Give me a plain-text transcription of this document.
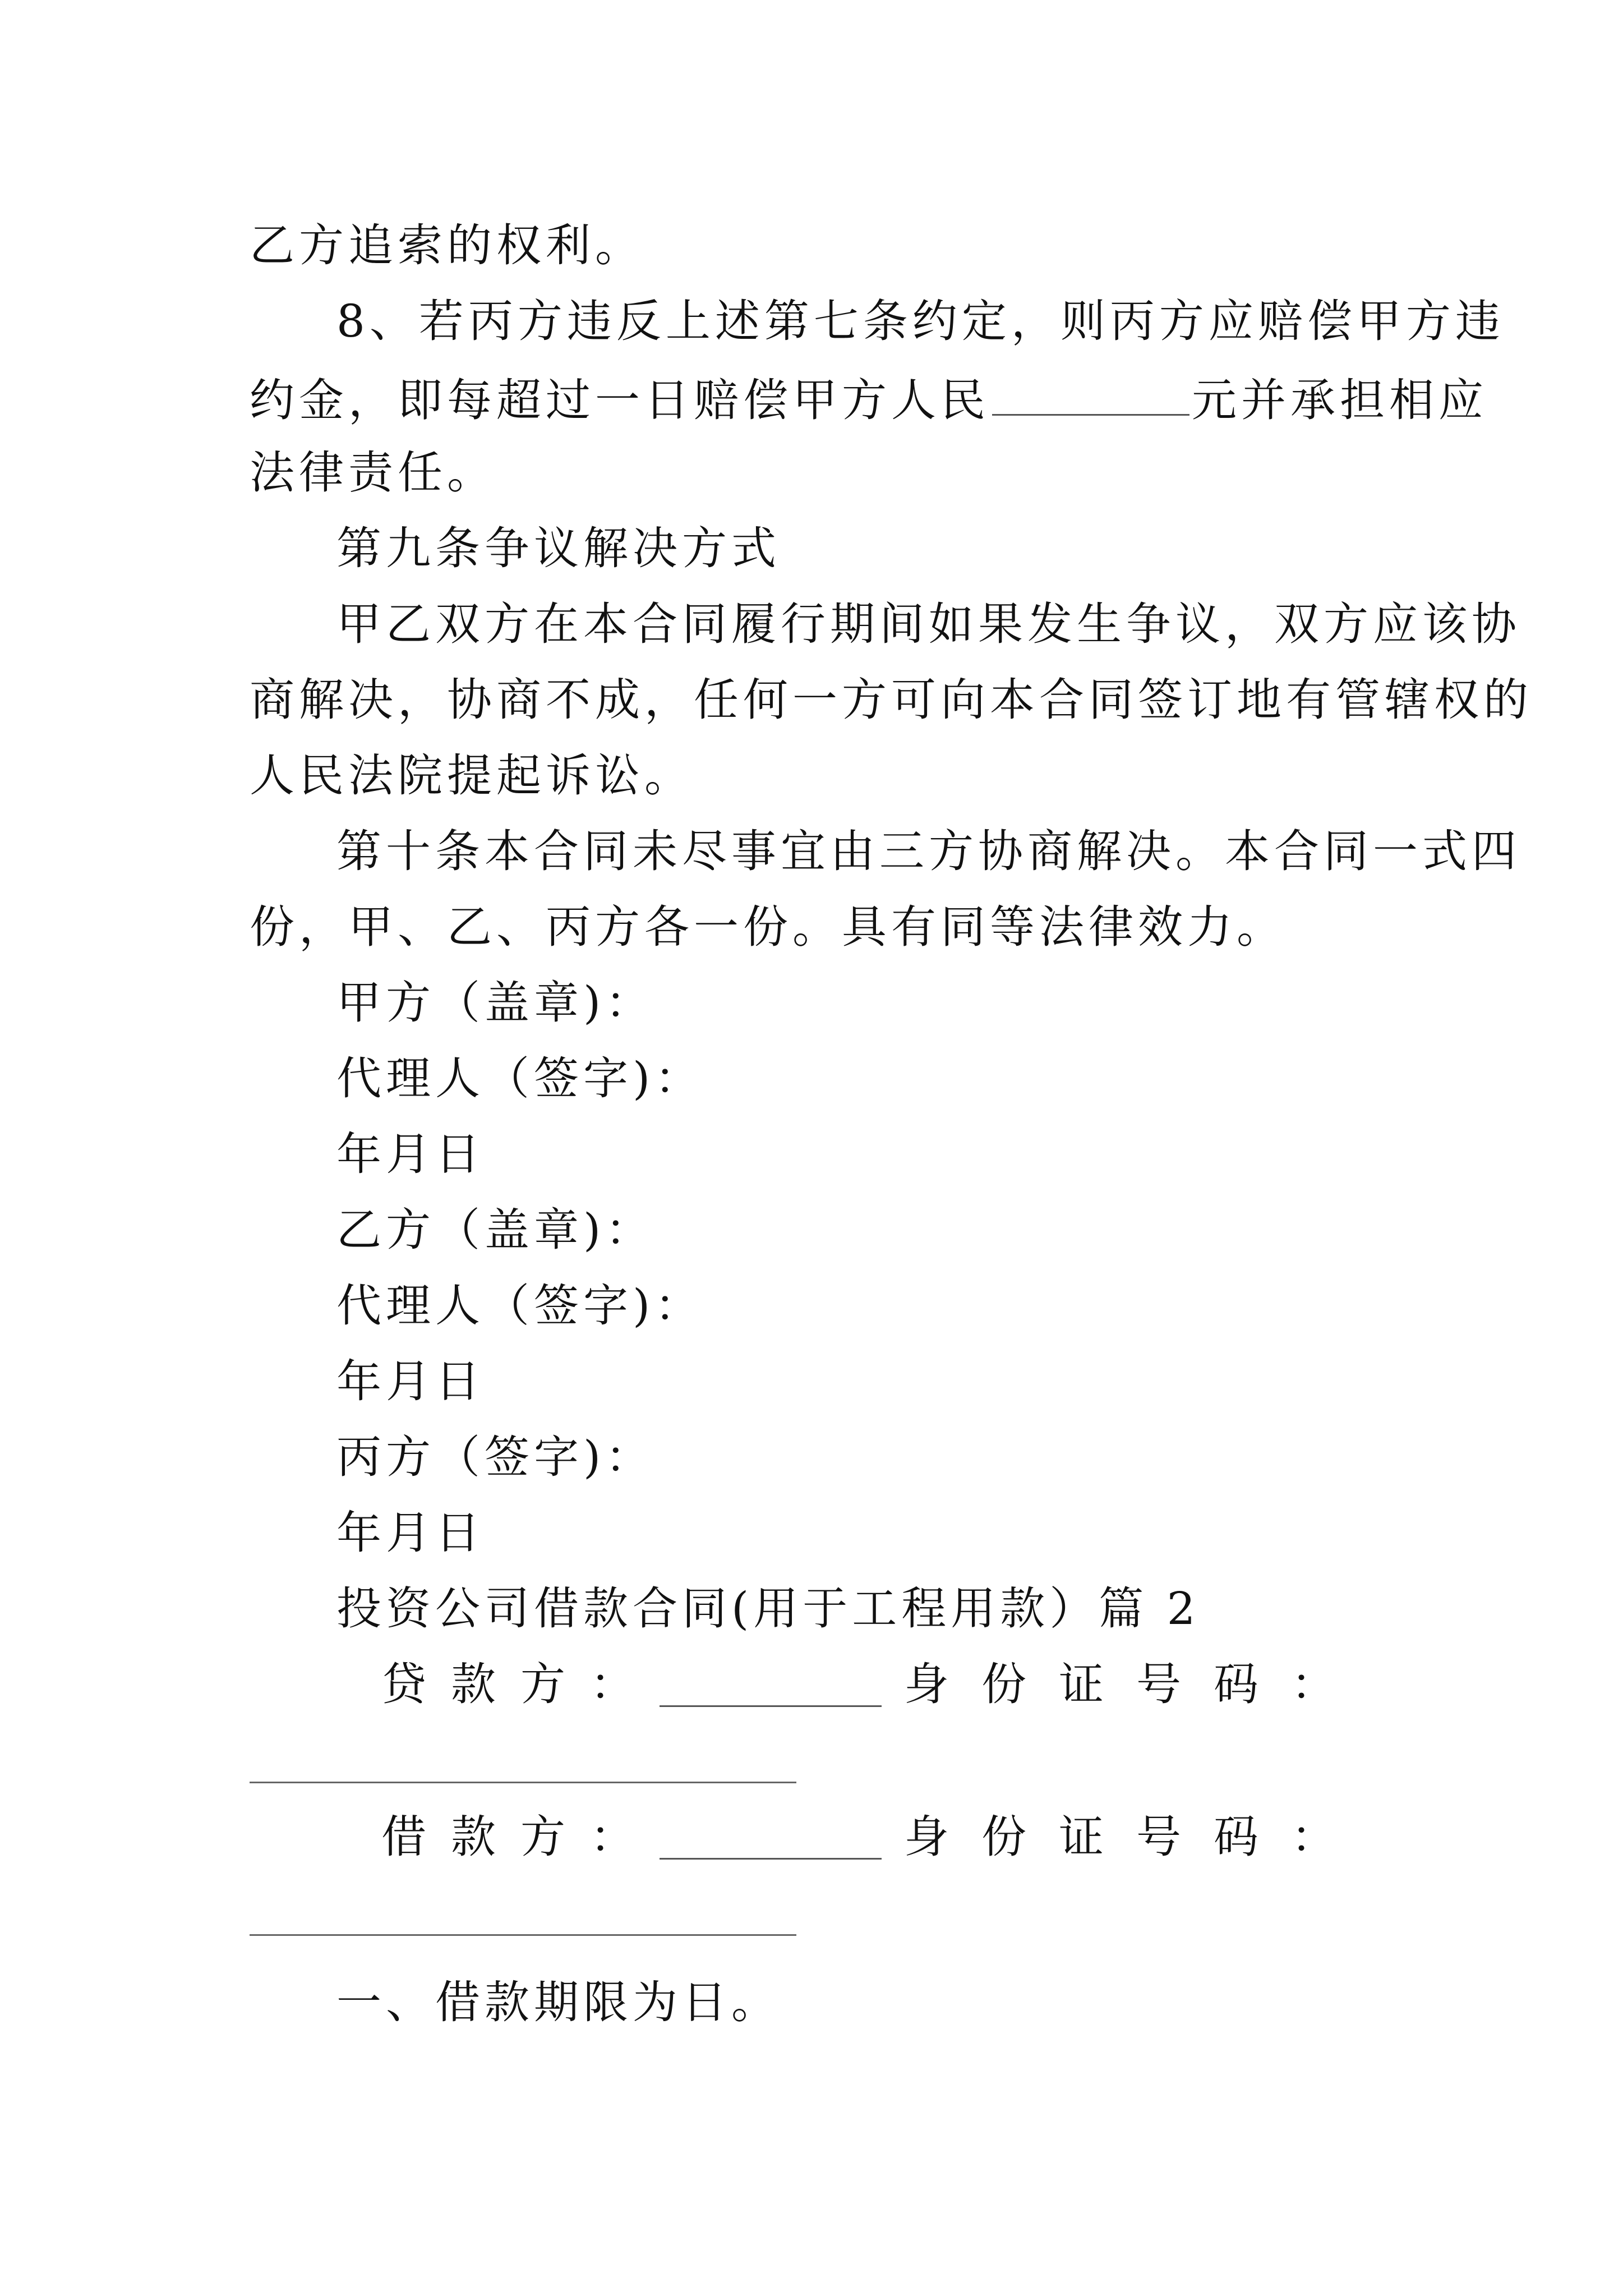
乙方追索的权利。
8、若丙方违反上述第七条约定，则丙方应赔偿甲方违
约金，即每超过一日赔偿甲方人民	元并承担相应
法律责任。
第九条争议解决方式
甲乙双方在本合同履行期间如果发生争议，双方应该协
商解决，协商不成，任何一方可向本合同签订地有管辖权的
人民法院提起诉讼。
第十条本合同未尽事宜由三方协商解决。本合同一式四
份，甲、乙、丙方各一份。具有同等法律效力。
甲方（盖章)：
代理人（签字)：
年月日
乙方（盖章)：
代理人（签字)：
年月日
丙方（签字)：
年月日
投资公司借款合同(用于工程用款）篇 2
贷款方：	身份证号码：
借款方：	身份证号码：
一、借款期限为日。
